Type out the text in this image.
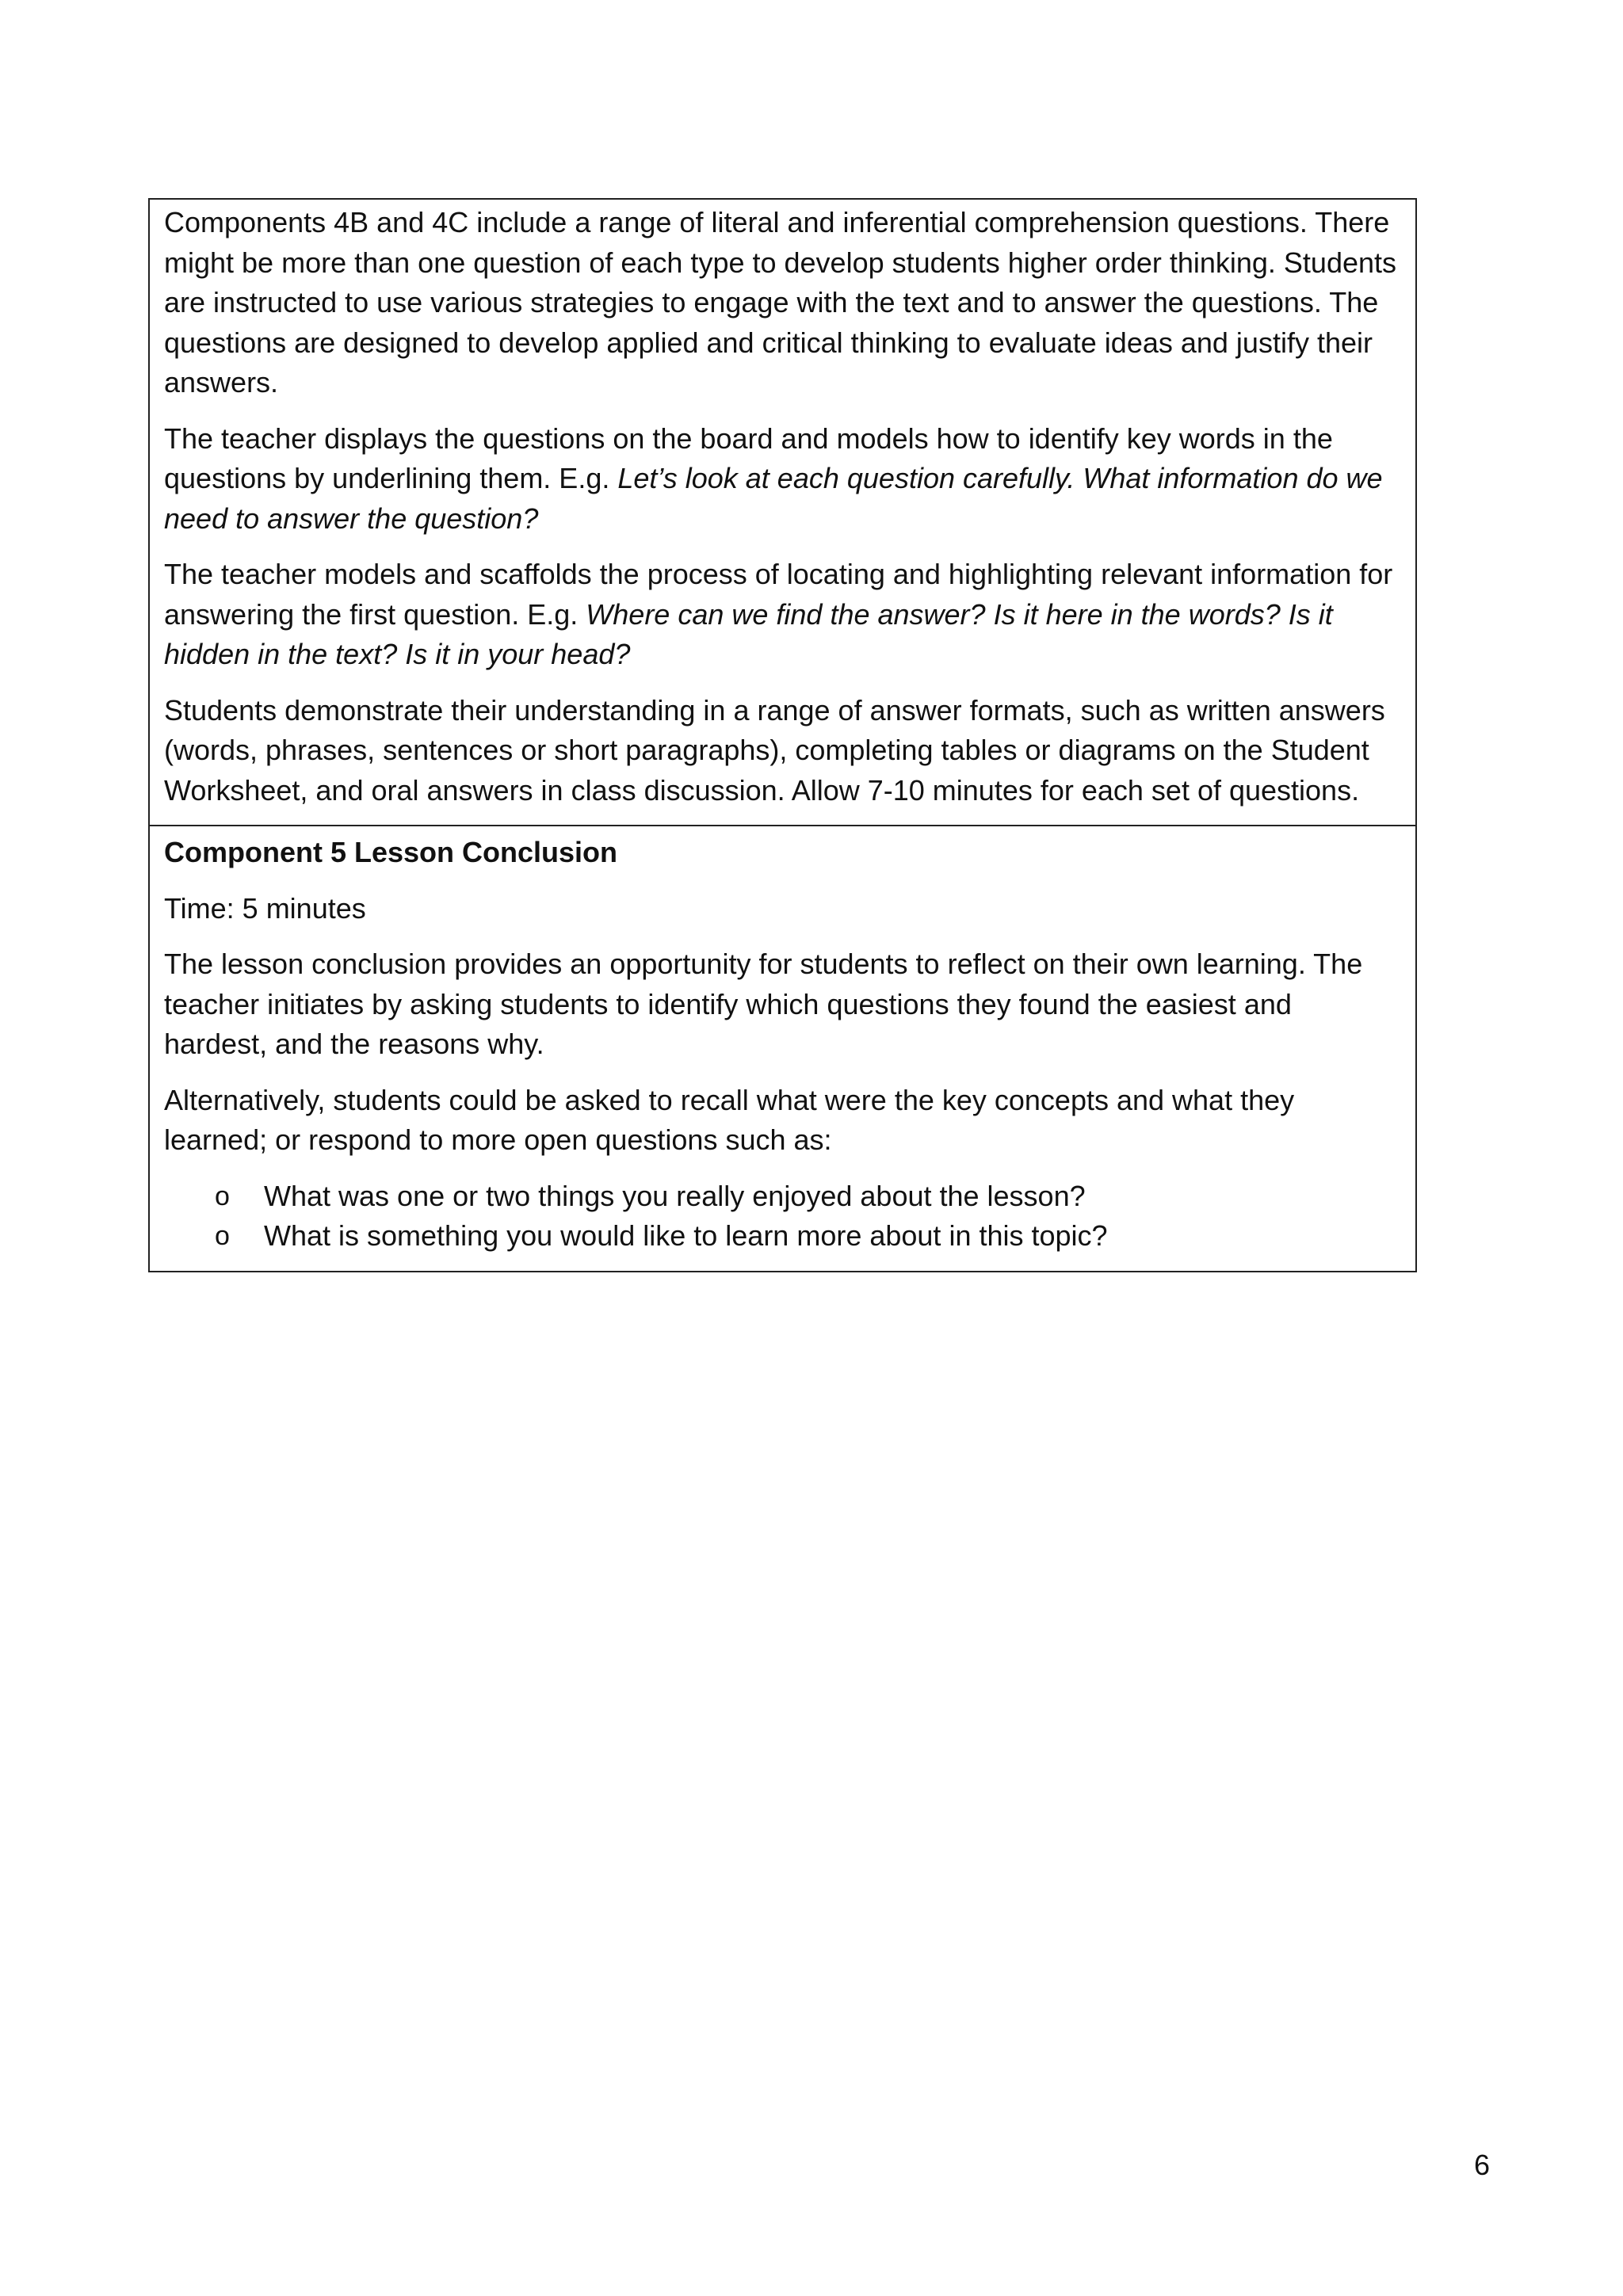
Components 4B and 4C include a range of literal and inferential comprehension questions. There might be more than one question of each type to develop students higher order thinking. Students are instructed to use various strategies to engage with the text and to answer the questions. The questions are designed to develop applied and critical thinking to evaluate ideas and justify their answers.

The teacher displays the questions on the board and models how to identify key words in the questions by underlining them. E.g. Let’s look at each question carefully. What information do we need to answer the question?

The teacher models and scaffolds the process of locating and highlighting relevant information for answering the first question. E.g. Where can we find the answer? Is it here in the words? Is it hidden in the text? Is it in your head?

Students demonstrate their understanding in a range of answer formats, such as written answers (words, phrases, sentences or short paragraphs), completing tables or diagrams on the Student Worksheet, and oral answers in class discussion. Allow 7-10 minutes for each set of questions.

Component 5 Lesson Conclusion

Time: 5 minutes

The lesson conclusion provides an opportunity for students to reflect on their own learning. The teacher initiates by asking students to identify which questions they found the easiest and hardest, and the reasons why.

Alternatively, students could be asked to recall what were the key concepts and what they learned; or respond to more open questions such as:

o What was one or two things you really enjoyed about the lesson?
o What is something you would like to learn more about in this topic?
6
